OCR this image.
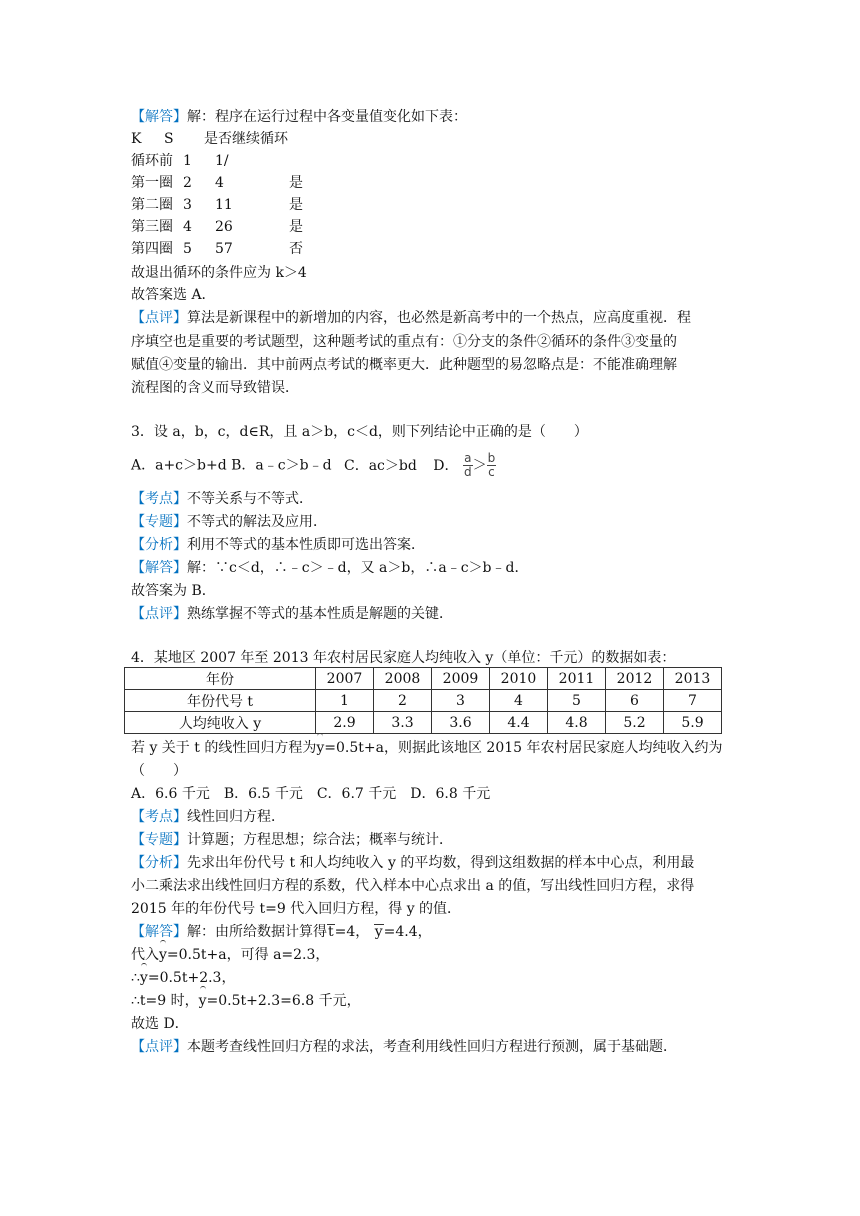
【解答】解：程序在运行过程中各变量值变化如下表：
K S 是否继续循环
循环前 1 1/
第一圈 2 4	是
第二圈 3 11	是
第三圈 4 26	是
第四圈 5 57	否
故退出循环的条件应为 k＞4
故答案选 A．
【点评】算法是新课程中的新增加的内容，也必然是新高考中的一个热点，应高度重视．程
序填空也是重要的考试题型，这种题考试的重点有：①分支的条件②循环的条件③变量的
赋值④变量的输出．其中前两点考试的概率更大．此种题型的易忽略点是：不能准确理解
流程图的含义而导致错误．
3．设 a，b，c，d∈R，且 a＞b，c＜d，则下列结论中正确的是（　　）
A．a+c＞b+d B．a﹣c＞b﹣d C．ac＞bd D． $\frac{a}{d} > \frac{b}{c}$
【考点】不等关系与不等式．
【专题】不等式的解法及应用．
【分析】利用不等式的基本性质即可选出答案．
【解答】解：∵c＜d，∴﹣c＞﹣d，又 a＞b，∴a﹣c＞b﹣d．
故答案为 B．
【点评】熟练掌握不等式的基本性质是解题的关键．
4．某地区 2007 年至 2013 年农村居民家庭人均纯收入 y（单位：千元）的数据如表：
年份	2007	2008	2009	2010	2011	2012	2013
年份代号 t	1	2	3	4	5	6	7
人均纯收入 y	2.9	3.3	3.6	4.4	4.8	5.2	5.9
若 y 关于 t 的线性回归方程为y=0.5t+a，则据此该地区 2015 年农村居民家庭人均纯收入约为
（　　）
A．6.6 千元　B．6.5 千元　C．6.7 千元　D．6.8 千元
【考点】线性回归方程．
【专题】计算题；方程思想；综合法；概率与统计．
【分析】先求出年份代号 t 和人均纯收入 y 的平均数，得到这组数据的样本中心点，利用最
小二乘法求出线性回归方程的系数，代入样本中心点求出 a 的值，写出线性回归方程，求得
2015 年的年份代号 t=9 代入回归方程，得 y 的值．
【解答】解：由所给数据计算得t=4， y=4.4，
代入y=0.5t+a，可得 a=2.3，
∴y=0.5t+2.3，
∴t=9 时，y=0.5t+2.3=6.8 千元，
故选 D．
【点评】本题考查线性回归方程的求法，考查利用线性回归方程进行预测，属于基础题．
